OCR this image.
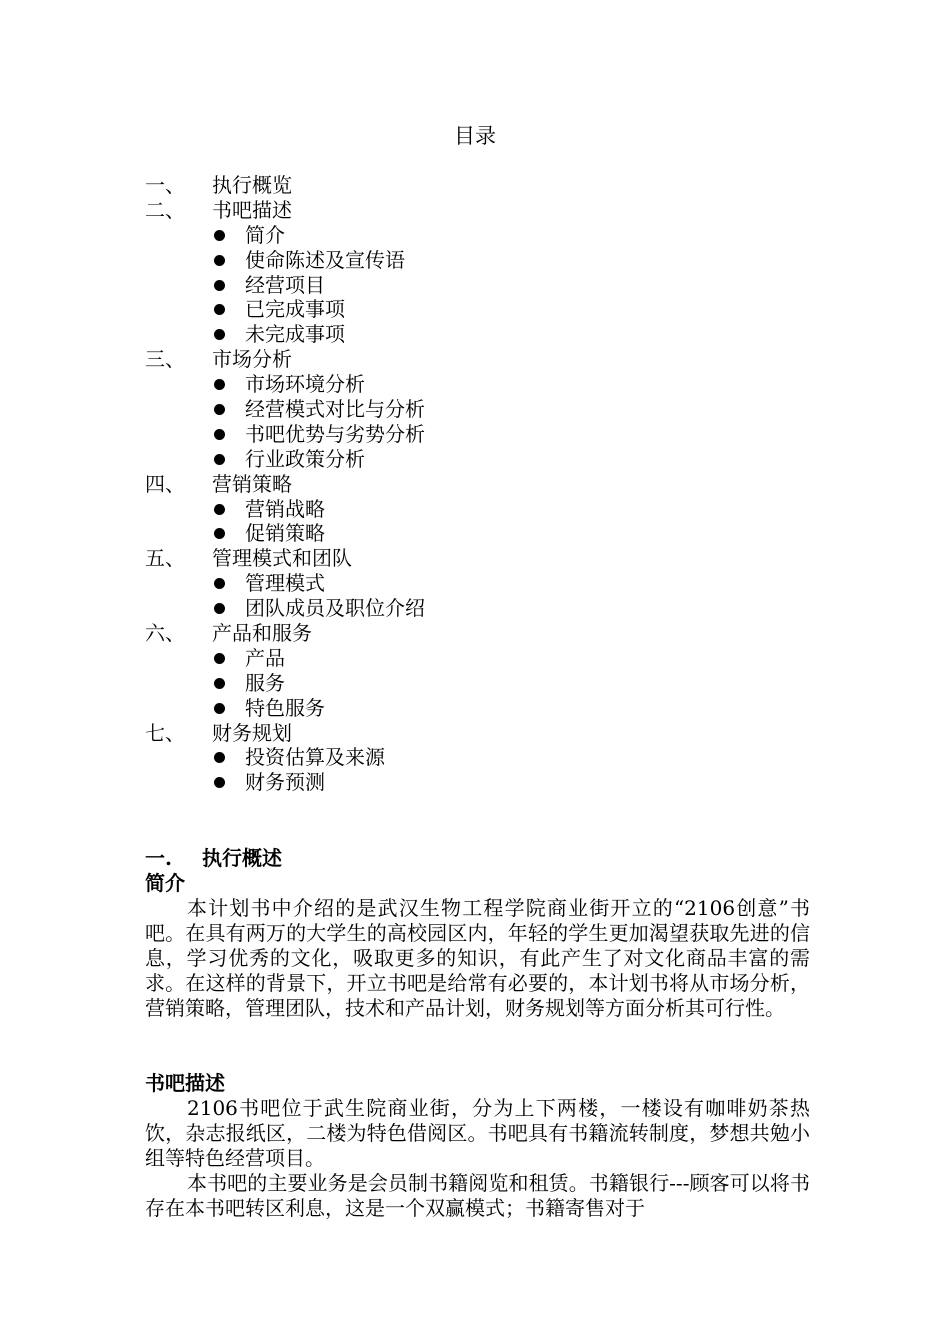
目录
一、 执行概览
二、 书吧描述
简介
使命陈述及宣传语
经营项目
已完成事项
未完成事项
三、 市场分析
市场环境分析
经营模式对比与分析
书吧优势与劣势分析
行业政策分析
四、 营销策略
营销战略
促销策略
五、 管理模式和团队
管理模式
团队成员及职位介绍
六、 产品和服务
产品
服务
特色服务
七、 财务规划
投资估算及来源
财务预测
一. 执行概述
简介

本计划书中介绍的是武汉生物工程学院商业街开立的“2106创意”书吧。在具有两万的大学生的高校园区内，年轻的学生更加渴望获取先进的信息，学习优秀的文化，吸取更多的知识，有此产生了对文化商品丰富的需求。在这样的背景下，开立书吧是给常有必要的，本计划书将从市场分析，营销策略，管理团队，技术和产品计划，财务规划等方面分析其可行性。

书吧描述

2106书吧位于武生院商业街，分为上下两楼，一楼设有咖啡奶茶热饮，杂志报纸区，二楼为特色借阅区。书吧具有书籍流转制度，梦想共勉小组等特色经营项目。

本书吧的主要业务是会员制书籍阅览和租赁。书籍银行---顾客可以将书存在本书吧转区利息，这是一个双赢模式；书籍寄售对于
